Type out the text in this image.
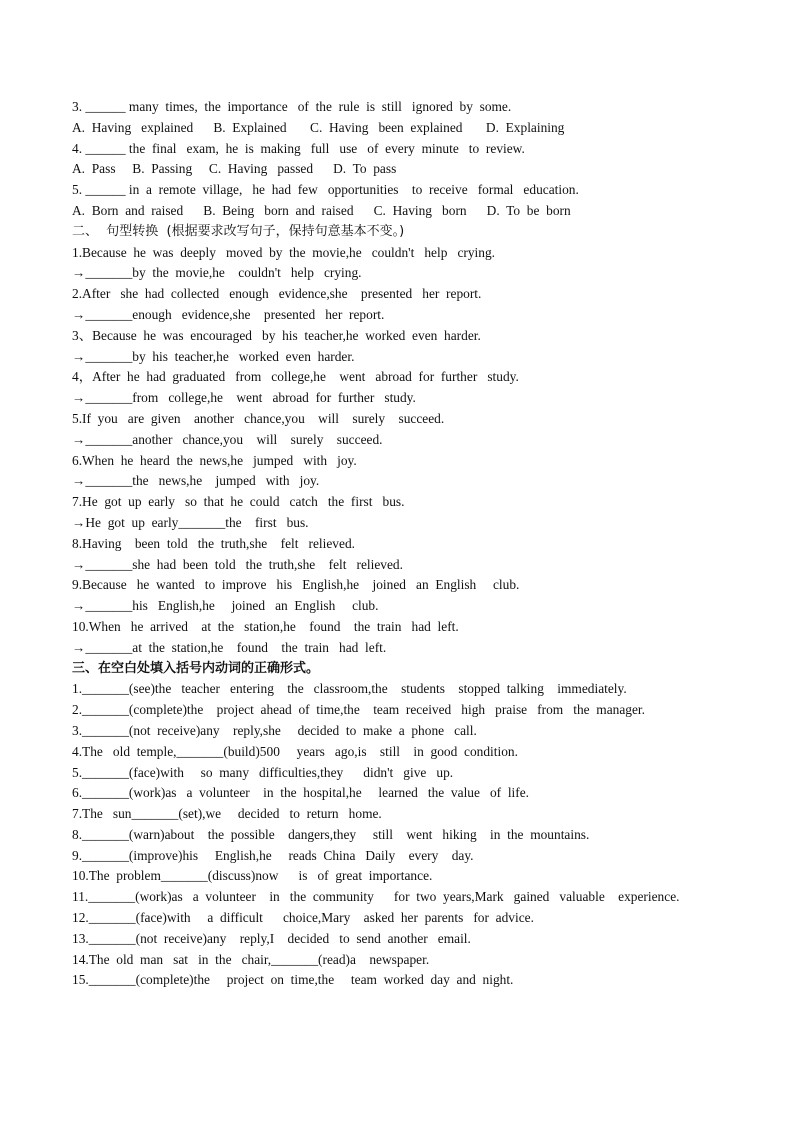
3. ______ many  times,  the  importance   of  the  rule  is  still   ignored  by  some.
A.  Having   explained      B.  Explained       C.  Having   been  explained       D.  Explaining
4. ______ the  final   exam,  he  is  making   full   use   of  every  minute   to  review.
A.  Pass     B.  Passing     C.  Having   passed      D.  To  pass
5. ______ in  a  remote  village,   he  had  few   opportunities    to  receive   formal   education.
A.  Born  and  raised      B.  Being   born  and  raised      C.  Having   born      D.  To  be  born
二、  句型转换  (根据要求改写句子，保持句意基本不变。)
1.Because  he  was  deeply   moved  by  the  movie,he   couldn't   help   crying.
→_______by  the  movie,he    couldn't   help   crying.
2.After   she  had  collected   enough   evidence,she    presented   her  report.
→_______enough   evidence,she    presented   her  report.
3、Because  he  was  encouraged   by  his  teacher,he  worked  even  harder.
→_______by  his  teacher,he   worked  even  harder.
4，After  he  had  graduated   from   college,he    went   abroad  for  further   study.
→_______from   college,he    went   abroad  for  further   study.
5.If  you   are  given    another   chance,you    will    surely    succeed.
→_______another   chance,you    will    surely    succeed.
6.When  he  heard  the  news,he   jumped   with   joy.
→_______the   news,he    jumped   with   joy.
7.He  got  up  early   so  that  he  could   catch   the  first   bus.
→He  got  up  early_______the    first   bus.
8.Having    been  told   the  truth,she    felt   relieved.
→_______she  had  been  told   the  truth,she    felt   relieved.
9.Because   he  wanted   to  improve   his   English,he    joined   an  English     club.
→_______his   English,he     joined   an  English     club.
10.When   he  arrived    at  the   station,he    found    the  train   had  left.
→_______at  the  station,he    found    the  train   had  left.
三、在空白处填入括号内动词的正确形式。
1._______(see)the   teacher   entering    the   classroom,the    students    stopped  talking    immediately.
2._______(complete)the    project  ahead  of  time,the    team  received   high   praise   from   the  manager.
3._______(not  receive)any    reply,she     decided  to  make  a  phone   call.
4.The   old  temple,_______(build)500     years   ago,is    still    in  good  condition.
5._______(face)with     so  many   difficulties,they      didn't   give   up.
6._______(work)as   a  volunteer    in  the  hospital,he     learned   the  value   of  life.
7.The   sun_______(set),we     decided   to  return   home.
8._______(warn)about    the  possible    dangers,they     still    went   hiking    in  the  mountains.
9._______(improve)his     English,he     reads  China   Daily    every    day.
10.The  problem_______(discuss)now      is   of  great  importance.
11._______(work)as   a  volunteer    in   the  community      for  two  years,Mark   gained   valuable    experience.
12._______(face)with     a  difficult      choice,Mary    asked  her  parents   for  advice.
13._______(not  receive)any    reply,I    decided   to  send  another   email.
14.The  old  man   sat   in  the   chair,_______(read)a    newspaper.
15._______(complete)the     project  on  time,the     team  worked  day  and  night.
